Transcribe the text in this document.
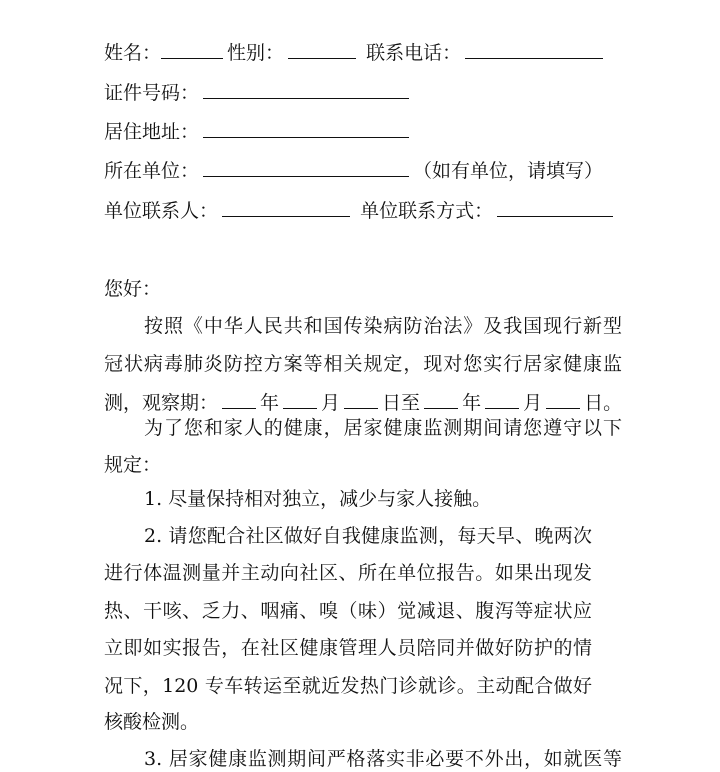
姓名：	性别：	联系电话：
证件号码：
居住地址：
所在单位：	（如有单位，请填写）
单位联系人：	单位联系方式：
您好：
按照《中华人民共和国传染病防治法》及我国现行新型
冠状病毒肺炎防控方案等相关规定，现对您实行居家健康监
测，观察期： 年 月 日至 年 月 日。
为了您和家人的健康，居家健康监测期间请您遵守以下
规定：
1. 尽量保持相对独立，减少与家人接触。
2. 请您配合社区做好自我健康监测，每天早、晚两次
进行体温测量并主动向社区、所在单位报告。如果出现发
热、干咳、乏力、咽痛、嗅（味）觉减退、腹泻等症状应
立即如实报告，在社区健康管理人员陪同并做好防护的情
况下，120 专车转运至就近发热门诊就诊。主动配合做好
核酸检测。
3. 居家健康监测期间严格落实非必要不外出，如就医等
